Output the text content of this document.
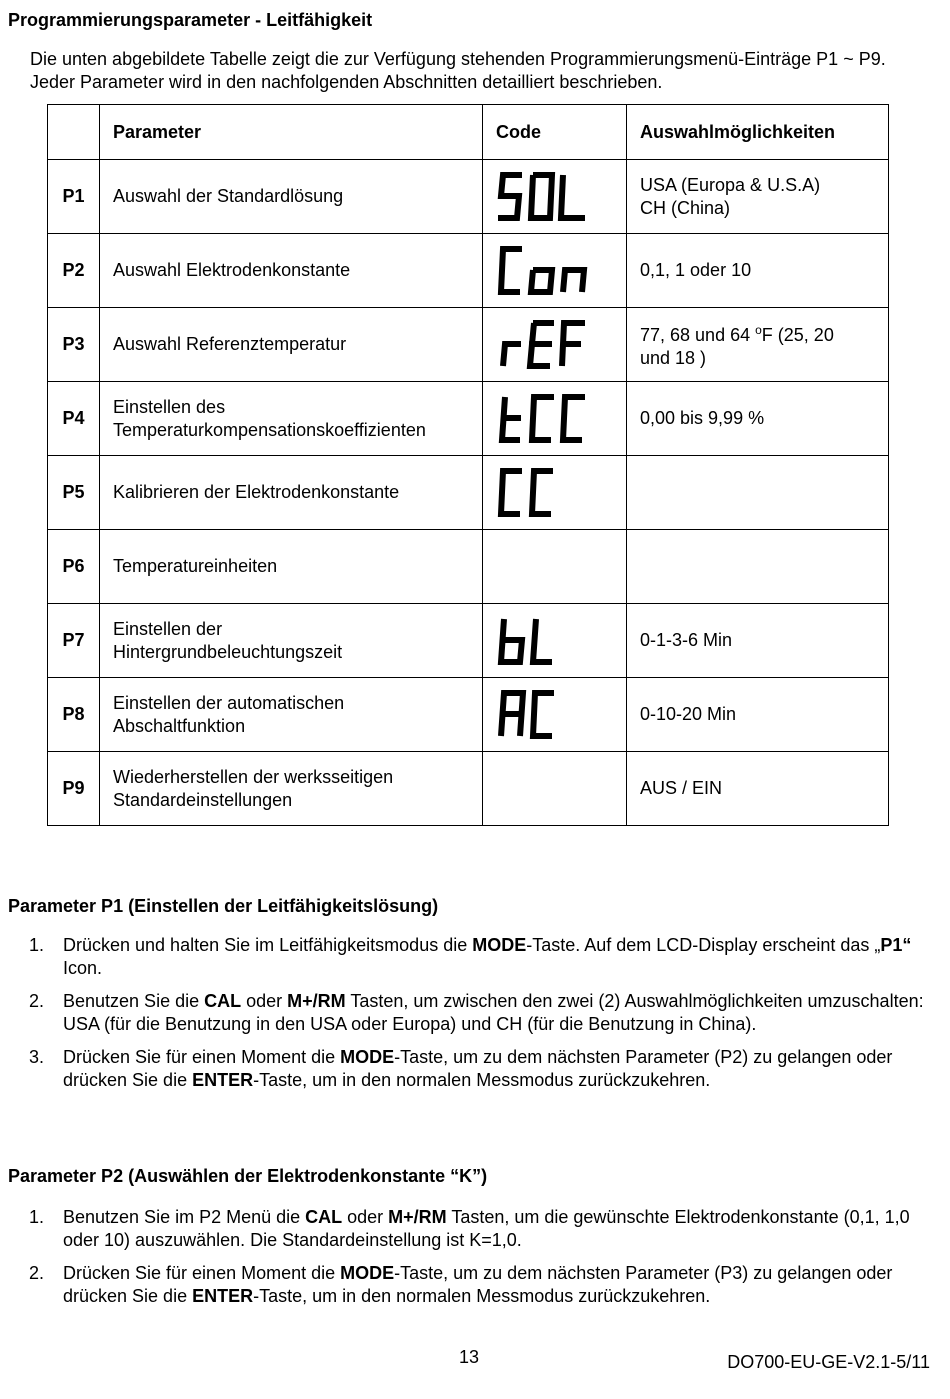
Programmierungsparameter - Leitfähigkeit
Die unten abgebildete Tabelle zeigt die zur Verfügung stehenden Programmierungsmenü-Einträge P1 ~ P9. Jeder Parameter wird in den nachfolgenden Abschnitten detailliert beschrieben.
	Parameter	Code	Auswahlmöglichkeiten
P1	Auswahl der Standardlösung		USA (Europa & U.S.A)
CH (China)
P2	Auswahl Elektrodenkonstante		0,1, 1 oder 10
P3	Auswahl Referenztemperatur		77, 68 und 64 $^o$F (25, 20
und 18 )
P4	Einstellen des
Temperaturkompensationskoeffizienten		0,00 bis 9,99 %
P5	Kalibrieren der Elektrodenkonstante	

P6	Temperatureinheiten		
P7	Einstellen der
Hintergrundbeleuchtungszeit		0-1-3-6 Min
P8	Einstellen der automatischen
Abschaltfunktion		0-10-20 Min
P9	Wiederherstellen der werksseitigen
Standardeinstellungen		AUS / EIN
Parameter P1 (Einstellen der Leitfähigkeitslösung)
1. Drücken und halten Sie im Leitfähigkeitsmodus die MODE-Taste. Auf dem LCD-Display erscheint das „P1“ Icon.
2. Benutzen Sie die CAL oder M+/RM Tasten, um zwischen den zwei (2) Auswahlmöglichkeiten umzuschalten: USA (für die Benutzung in den USA oder Europa) und CH (für die Benutzung in China).
3. Drücken Sie für einen Moment die MODE-Taste, um zu dem nächsten Parameter (P2) zu gelangen oder drücken Sie die ENTER-Taste, um in den normalen Messmodus zurückzukehren.
Parameter P2 (Auswählen der Elektrodenkonstante “K”)
1. Benutzen Sie im P2 Menü die CAL oder M+/RM Tasten, um die gewünschte Elektrodenkonstante (0,1, 1,0 oder 10) auszuwählen. Die Standardeinstellung ist K=1,0.
2. Drücken Sie für einen Moment die MODE-Taste, um zu dem nächsten Parameter (P3) zu gelangen oder drücken Sie die ENTER-Taste, um in den normalen Messmodus zurückzukehren.
13	DO700-EU-GE-V2.1-5/11
